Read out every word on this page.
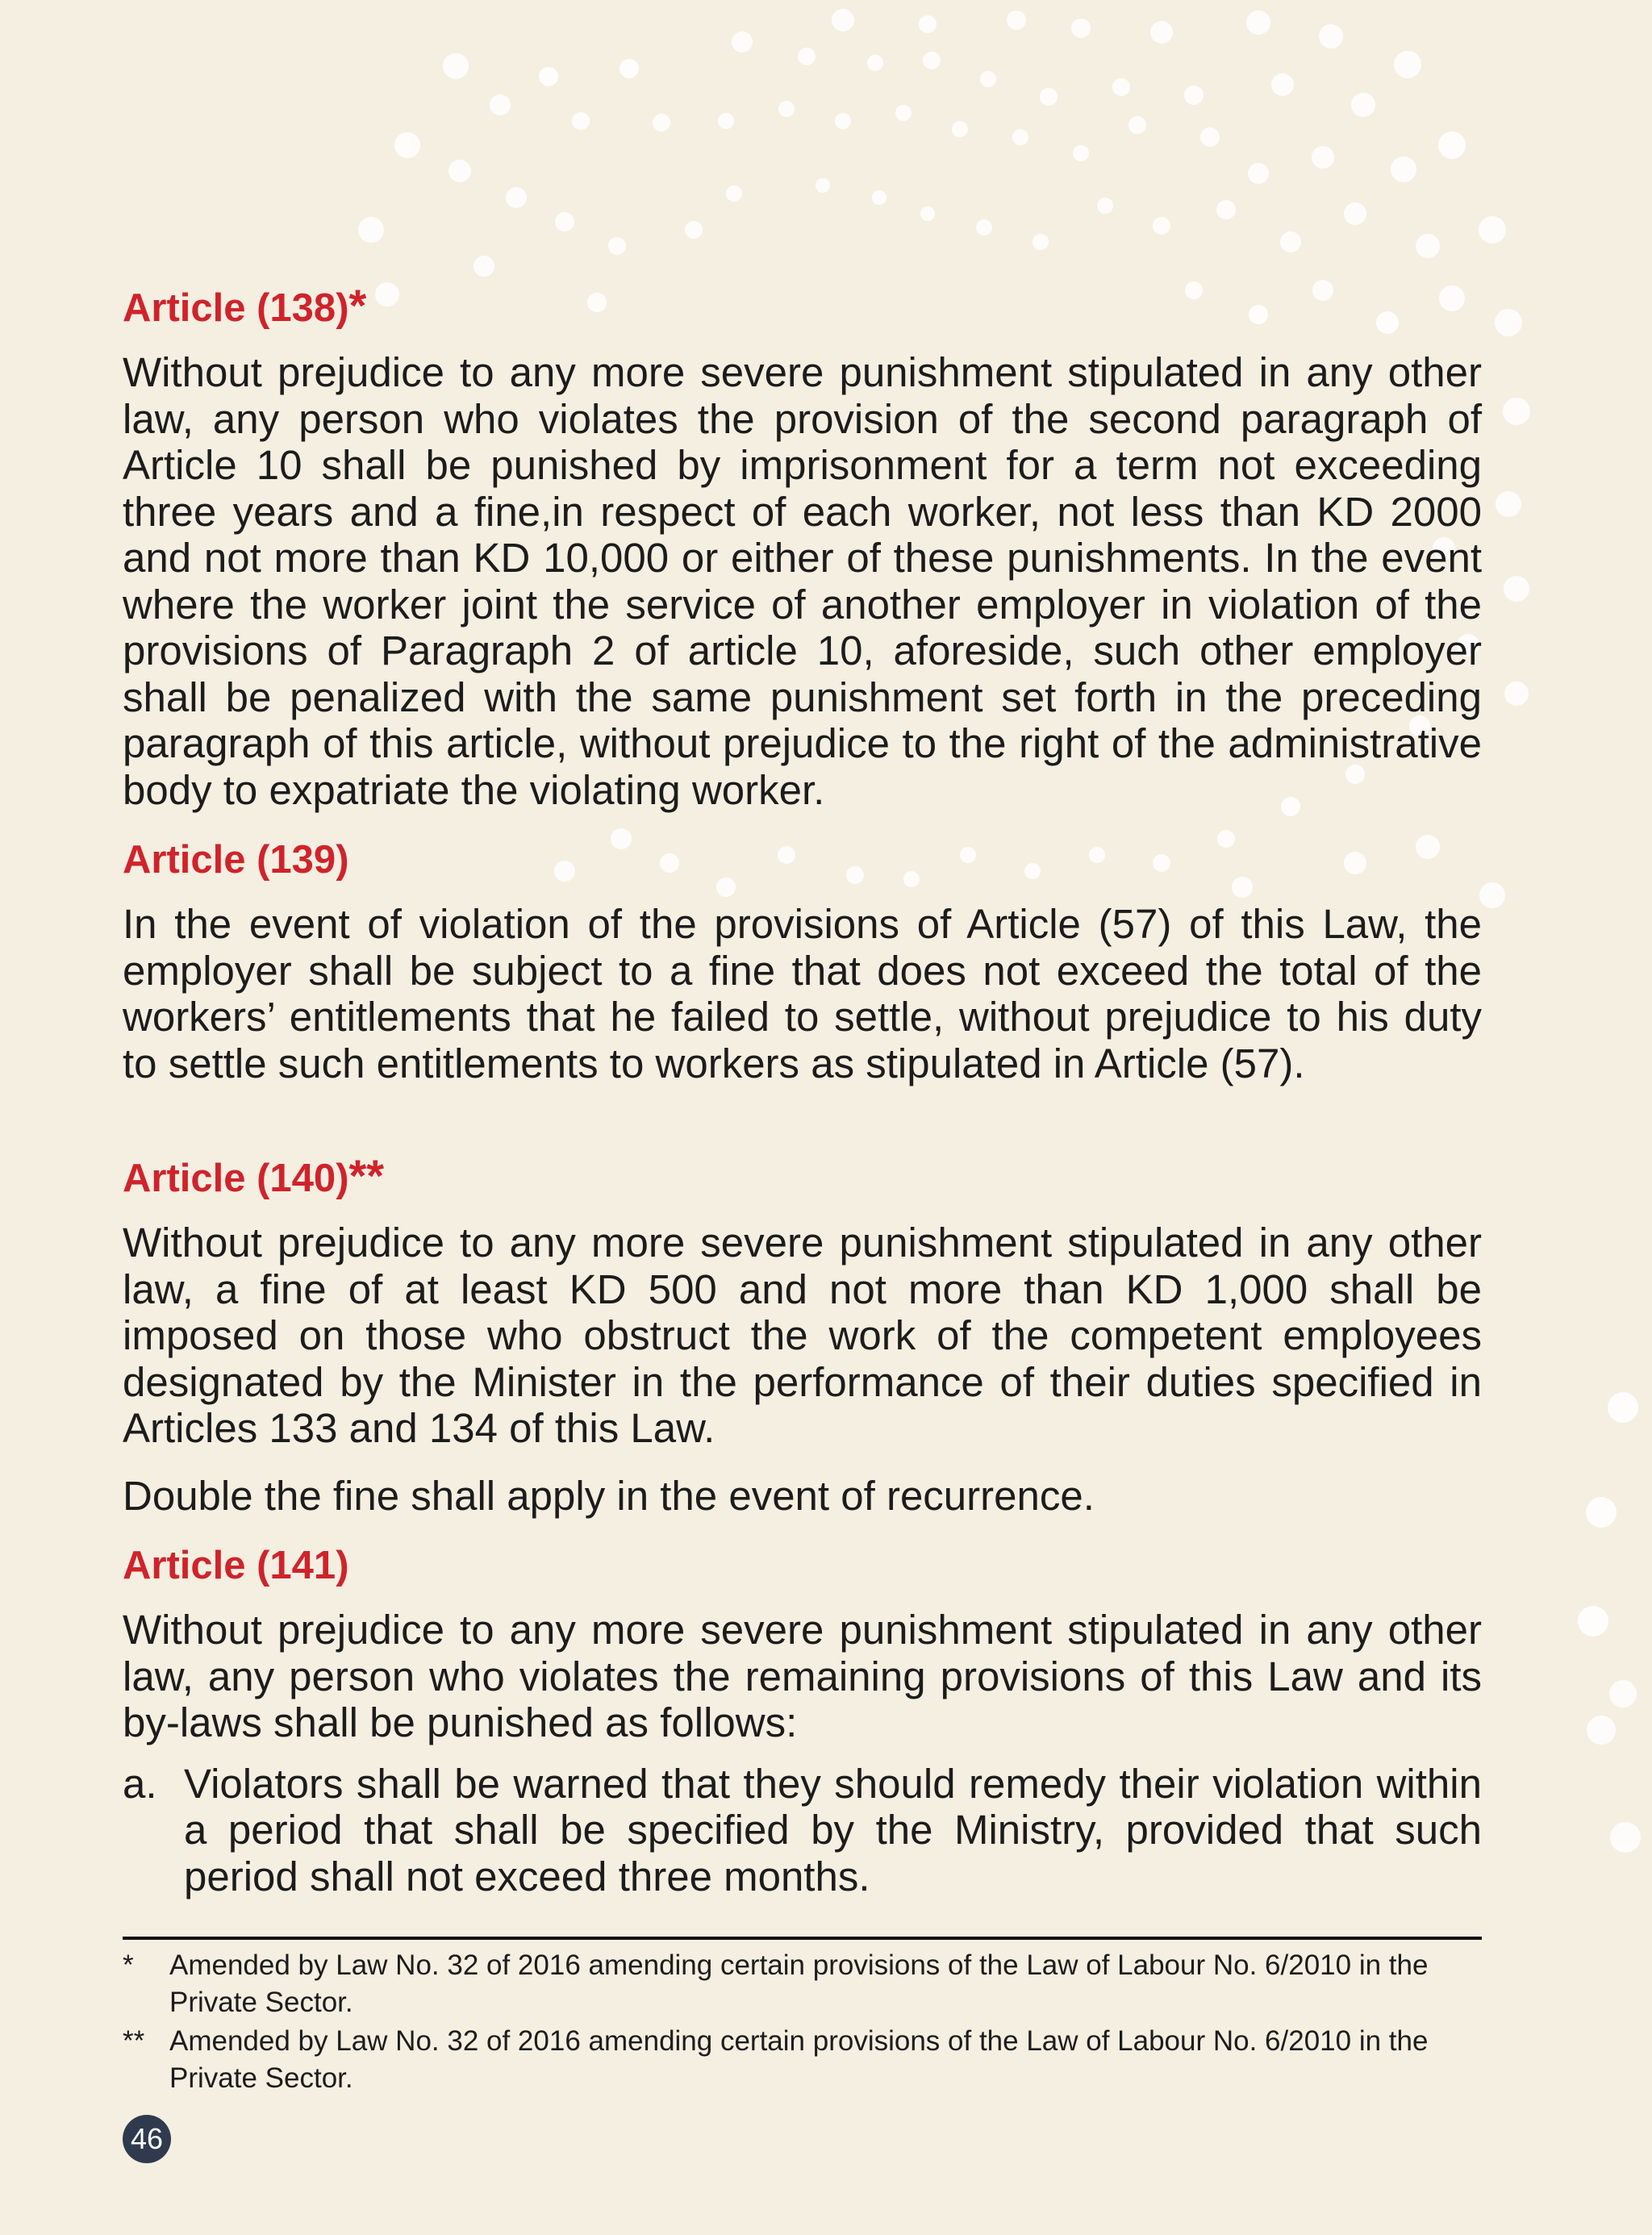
Article (138)*

Without prejudice to any more severe punishment stipulated in any other law, any person who violates the provision of the second paragraph of Article 10 shall be punished by imprisonment for a term not exceeding three years and a fine,in respect of each worker, not less than KD 2000 and not more than KD 10,000 or either of these punishments. In the event where the worker joint the service of another employer in violation of the provisions of Paragraph 2 of article 10, aforeside, such other employer shall be penalized with the same punishment set forth in the preceding paragraph of this article, without prejudice to the right of the administrative body to expatriate the violating worker.

Article (139)

In the event of violation of the provisions of Article (57) of this Law, the employer shall be subject to a fine that does not exceed the total of the workers’ entitlements that he failed to settle, without prejudice to his duty to settle such entitlements to workers as stipulated in Article (57).

Article (140)**

Without prejudice to any more severe punishment stipulated in any other law, a fine of at least KD 500 and not more than KD 1,000 shall be imposed on those who obstruct the work of the competent employees designated by the Minister in the performance of their duties specified in Articles 133 and 134 of this Law.

Double the fine shall apply in the event of recurrence.

Article (141)

Without prejudice to any more severe punishment stipulated in any other law, any person who violates the remaining provisions of this Law and its by-laws shall be punished as follows:

a. Violators shall be warned that they should remedy their violation within a period that shall be specified by the Ministry, provided that such period shall not exceed three months.
*	Amended by Law No. 32 of 2016 amending certain provisions of the Law of Labour No. 6/2010 in the Private Sector.
** Amended by Law No. 32 of 2016 amending certain provisions of the Law of Labour No. 6/2010 in the Private Sector.
46
